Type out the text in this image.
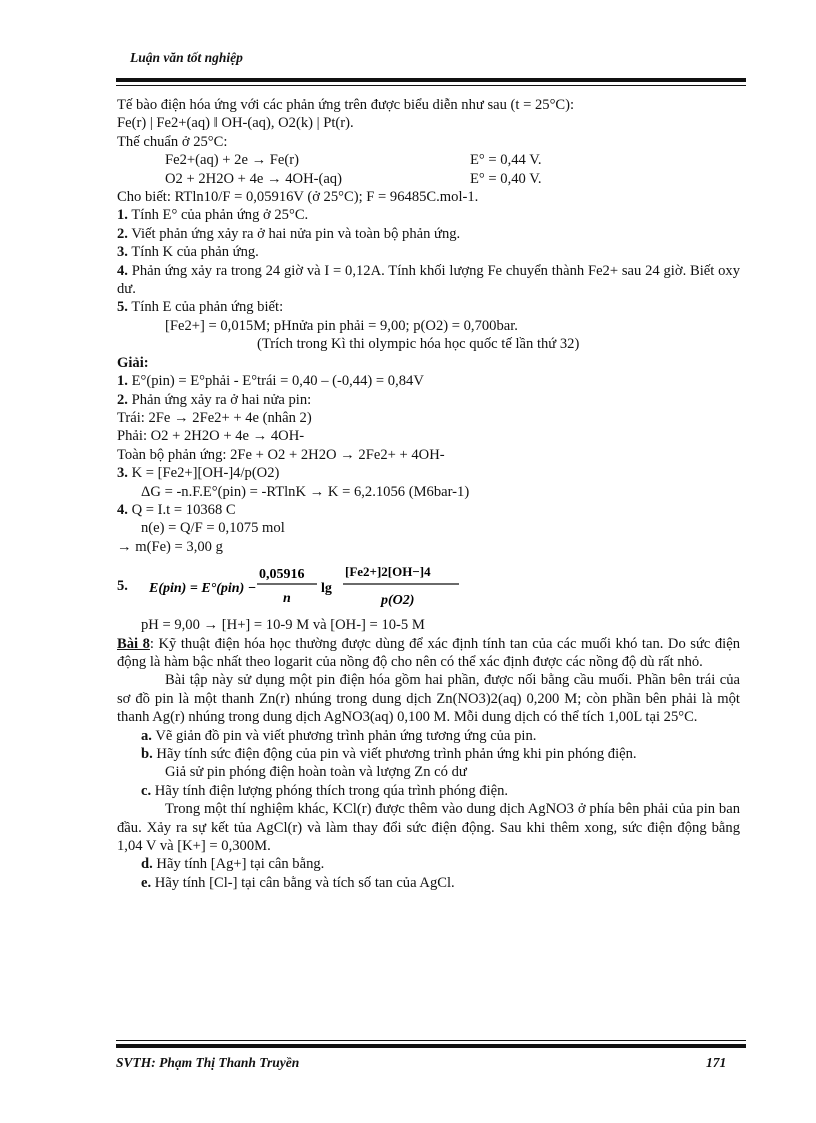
Luận văn tốt nghiệp

Tế bào điện hóa ứng với các phản ứng trên được biểu diễn như sau (t = 25°C):

Fe(r) | Fe2+(aq) ‖ OH-(aq), O2(k) | Pt(r).

Thế chuẩn ở 25°C:

Fe2+(aq) + 2e → Fe(r)	E° = 0,44 V.
O2 + 2H2O + 4e → 4OH-(aq)	E° = 0,40 V.

Cho biết: RTln10/F = 0,05916V (ở 25°C); F = 96485C.mol-1.

1. Tính E° của phản ứng ở 25°C.

2. Viết phản ứng xảy ra ở hai nửa pin và toàn bộ phản ứng.

3. Tính K của phản ứng.

4. Phản ứng xảy ra trong 24 giờ và I = 0,12A. Tính khối lượng Fe chuyển thành Fe2+ sau 24 giờ. Biết oxy dư.

5. Tính E của phản ứng biết:

[Fe2+] = 0,015M; pHnửa pin phải = 9,00; p(O2) = 0,700bar.

(Trích trong Kì thi olympic hóa học quốc tế lần thứ 32)

Giải:

1. E°(pin) = E°phải - E°trái = 0,40 – (-0,44) = 0,84V

2. Phản ứng xảy ra ở hai nửa pin:

Trái: 2Fe → 2Fe2+ + 4e (nhân 2)

Phải: O2 + 2H2O + 4e → 4OH-

Toàn bộ phản ứng: 2Fe + O2 + 2H2O → 2Fe2+ + 4OH-

3. K = [Fe2+][OH-]4/p(O2)

ΔG = -n.F.E°(pin) = -RTlnK → K = 6,2.1056 (M6bar-1)

4. Q = I.t = 10368 C

n(e) = Q/F = 0,1075 mol

→ m(Fe) = 3,00 g

5.	E(pin) = E°(pin) −
0,05916
n
lg
[Fe2+]2[OH−]4
p(O2)

pH = 9,00 → [H+] = 10-9 M và [OH-] = 10-5 M

Bài 8: Kỹ thuật điện hóa học thường được dùng để xác định tính tan của các muối khó tan. Do sức điện động là hàm bậc nhất theo logarit của nồng độ cho nên có thể xác định được các nồng độ dù rất nhỏ.

Bài tập này sử dụng một pin điện hóa gồm hai phần, được nối bằng cầu muối. Phần bên trái của sơ đồ pin là một thanh Zn(r) nhúng trong dung dịch Zn(NO3)2(aq) 0,200 M; còn phần bên phải là một thanh Ag(r) nhúng trong dung dịch AgNO3(aq) 0,100 M. Mỗi dung dịch có thể tích 1,00L tại 25°C.

a. Vẽ giản đồ pin và viết phương trình phản ứng tương ứng của pin.

b. Hãy tính sức điện động của pin và viết phương trình phản ứng khi pin phóng điện.

Giả sử pin phóng điện hoàn toàn và lượng Zn có dư

c. Hãy tính điện lượng phóng thích trong qúa trình phóng điện.

Trong một thí nghiệm khác, KCl(r) được thêm vào dung dịch AgNO3 ở phía bên phải của pin ban đầu. Xảy ra sự kết tủa AgCl(r) và làm thay đổi sức điện động. Sau khi thêm xong, sức điện động bằng 1,04 V và [K+] = 0,300M.

d. Hãy tính [Ag+] tại cân bằng.

e. Hãy tính [Cl-] tại cân bằng và tích số tan của AgCl.

SVTH: Phạm Thị Thanh Truyền	171
